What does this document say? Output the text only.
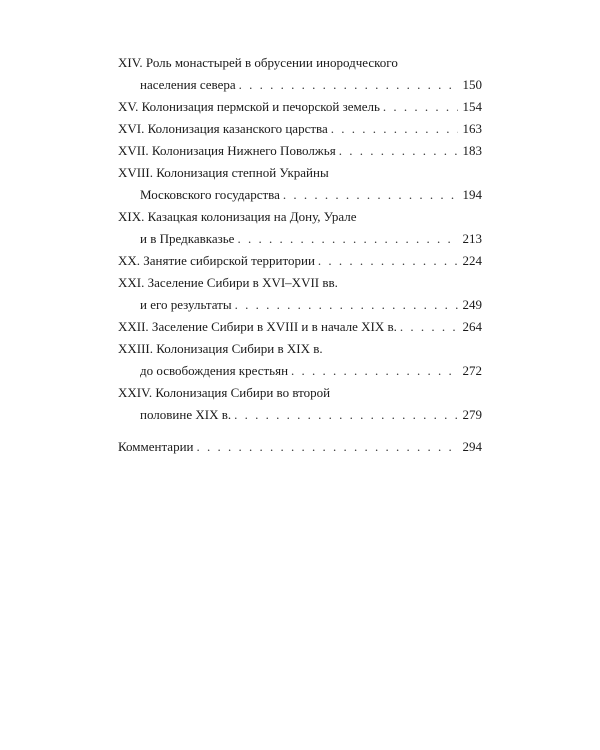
XIV. Роль монастырей в обрусении инородческого
населения севера . . .	150
XV. Колонизация пермской и печорской земель . . .	154
XVI. Колонизация казанского царства . . .	163
XVII. Колонизация Нижнего Поволжья . . .	183
XVIII. Колонизация степной Украйны
Московского государства . . .	194
XIX. Казацкая колонизация на Дону, Урале
и в Предкавказье . . .	213
XX. Занятие сибирской территории . . .	224
XXI. Заселение Сибири в XVI–XVII вв.
и его результаты . . .	249
XXII. Заселение Сибири в XVIII и в начале XIX в. . . .	264
XXIII. Колонизация Сибири в XIX в.
до освобождения крестьян . . .	272
XXIV. Колонизация Сибири во второй
половине XIX в. . . .	279
Комментарии . . .	294
